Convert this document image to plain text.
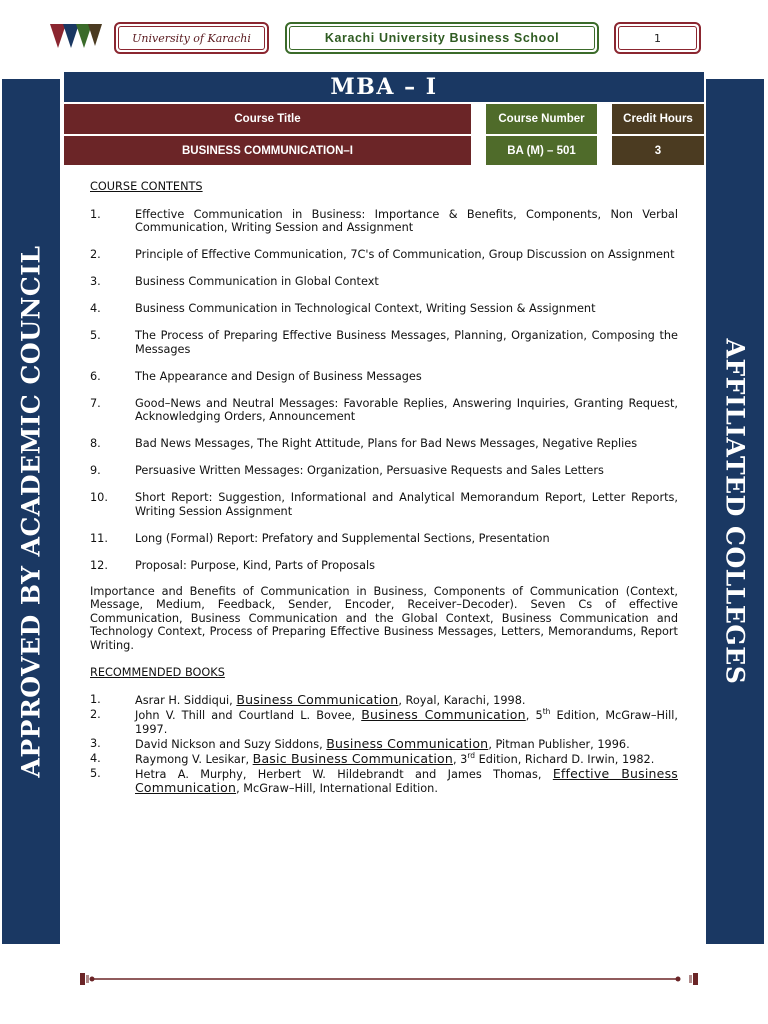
University of Karachi	Karachi University Business School	1
APPROVED BY ACADEMIC COUNCIL	AFFILIATED COLLEGES
MBA – I
Course Title	Course Number	Credit Hours
BUSINESS COMMUNICATION–I	BA (M) – 501	3
COURSE CONTENTS
1.	Effective Communication in Business: Importance & Benefits, Components, Non Verbal Communication, Writing Session and Assignment
2.	Principle of Effective Communication, 7C's of Communication, Group Discussion on Assignment
3.	Business Communication in Global Context
4.	Business Communication in Technological Context, Writing Session & Assignment
5.	The Process of Preparing Effective Business Messages, Planning, Organization, Composing the Messages
6.	The Appearance and Design of Business Messages
7.	Good–News and Neutral Messages: Favorable Replies, Answering Inquiries, Granting Request, Acknowledging Orders, Announcement
8.	Bad News Messages, The Right Attitude, Plans for Bad News Messages, Negative Replies
9.	Persuasive Written Messages: Organization, Persuasive Requests and Sales Letters
10.	Short Report: Suggestion, Informational and Analytical Memorandum Report, Letter Reports, Writing Session Assignment
11.	Long (Formal) Report: Prefatory and Supplemental Sections, Presentation
12.	Proposal: Purpose, Kind, Parts of Proposals
Importance and Benefits of Communication in Business, Components of Communication (Context, Message, Medium, Feedback, Sender, Encoder, Receiver–Decoder). Seven Cs of effective Communication, Business Communication and the Global Context, Business Communication and Technology Context, Process of Preparing Effective Business Messages, Letters, Memorandums, Report Writing.
RECOMMENDED BOOKS
1.	Asrar H. Siddiqui, Business Communication, Royal, Karachi, 1998.
2.	John V. Thill and Courtland L. Bovee, Business Communication, 5th Edition, McGraw–Hill, 1997.
3.	David Nickson and Suzy Siddons, Business Communication, Pitman Publisher, 1996.
4.	Raymong V. Lesikar, Basic Business Communication, 3rd Edition, Richard D. Irwin, 1982.
5.	Hetra A. Murphy, Herbert W. Hildebrandt and James Thomas, Effective Business Communication, McGraw–Hill, International Edition.
